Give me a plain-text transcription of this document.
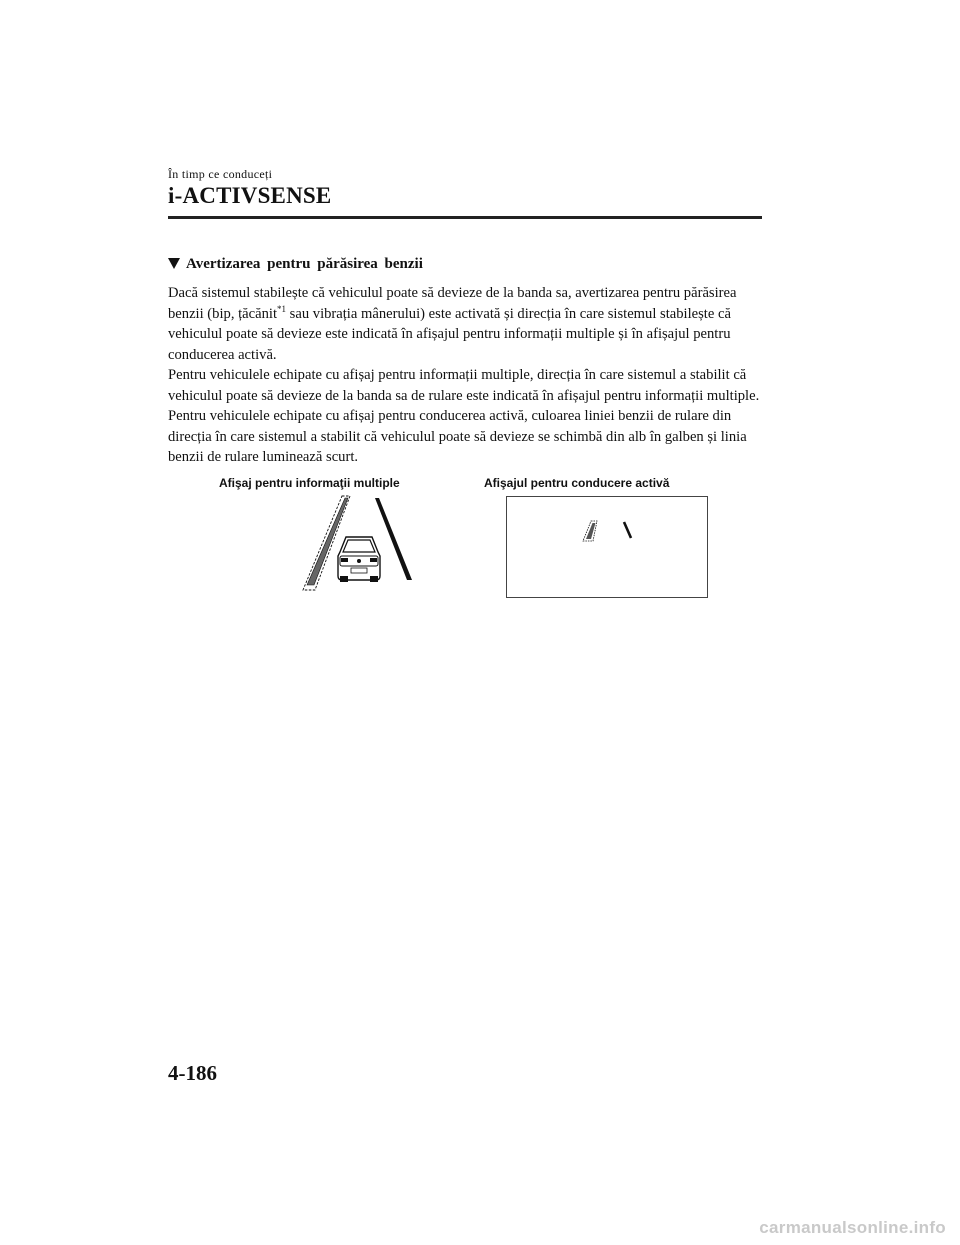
În timp ce conduceți
i-ACTIVSENSE
Avertizarea pentru părăsirea benzii

Dacă sistemul stabilește că vehiculul poate să devieze de la banda sa, avertizarea pentru părăsirea benzii (bip, țăcănit$^{*1}$ sau vibrația mânerului) este activată și direcția în care sistemul stabilește că vehiculul poate să devieze este indicată în afișajul pentru informații multiple și în afișajul pentru conducerea activă.

Pentru vehiculele echipate cu afișaj pentru informații multiple, direcția în care sistemul a stabilit că vehiculul poate să devieze de la banda sa de rulare este indicată în afișajul pentru informații multiple.

Pentru vehiculele echipate cu afișaj pentru conducerea activă, culoarea liniei benzii de rulare din direcția în care sistemul a stabilit că vehiculul poate să devieze se schimbă din alb în galben și linia benzii de rulare luminează scurt.

Afişaj pentru informaţii multiple	Afişajul pentru conducere activă
4-186
carmanualsonline.info
